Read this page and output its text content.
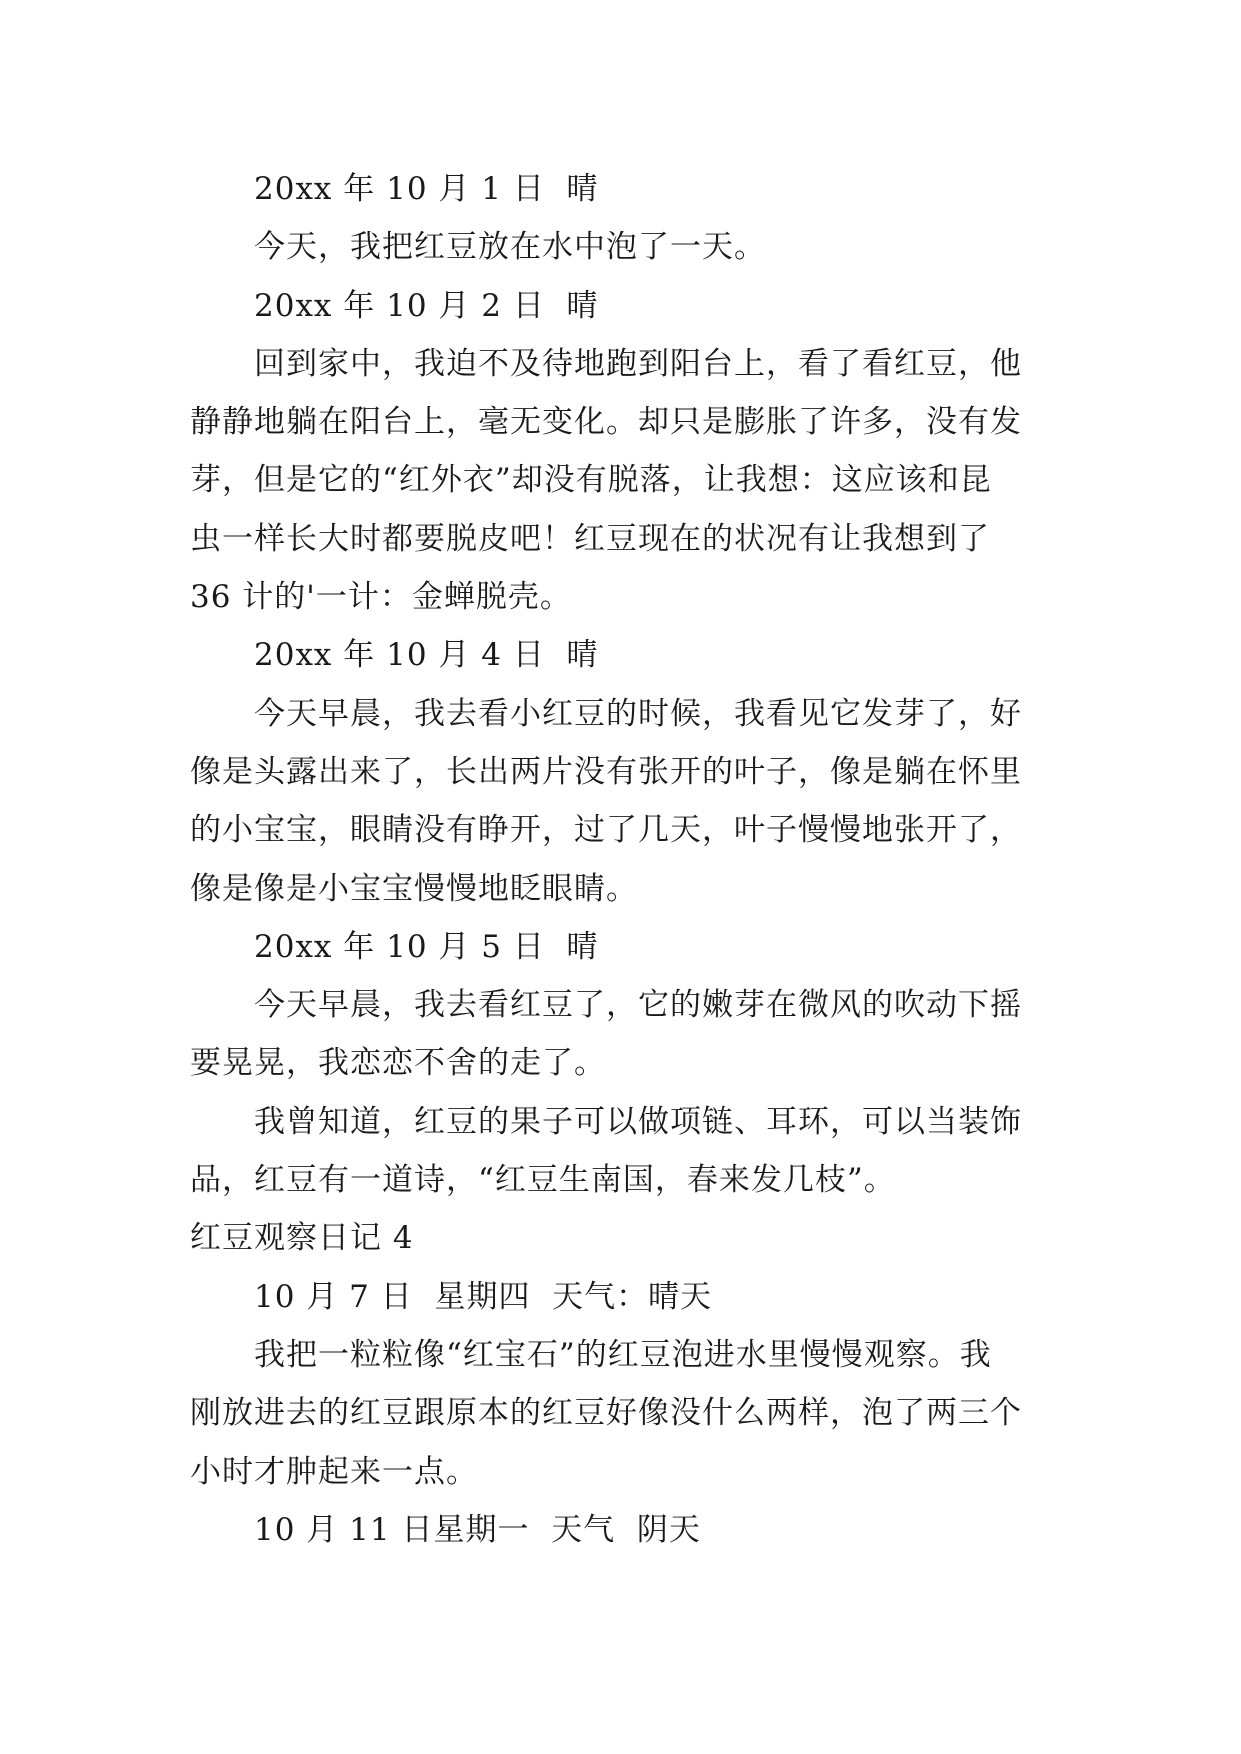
20xx 年 10 月 1 日  晴

今天，我把红豆放在水中泡了一天。

20xx 年 10 月 2 日  晴

回到家中，我迫不及待地跑到阳台上，看了看红豆，他
静静地躺在阳台上，毫无变化。却只是膨胀了许多，没有发
芽，但是它的“红外衣”却没有脱落，让我想：这应该和昆
虫一样长大时都要脱皮吧！红豆现在的状况有让我想到了
36 计的'一计：金蝉脱壳。

20xx 年 10 月 4 日  晴

今天早晨，我去看小红豆的时候，我看见它发芽了，好
像是头露出来了，长出两片没有张开的叶子，像是躺在怀里
的小宝宝，眼睛没有睁开，过了几天，叶子慢慢地张开了，
像是像是小宝宝慢慢地眨眼睛。

20xx 年 10 月 5 日  晴

今天早晨，我去看红豆了，它的嫩芽在微风的吹动下摇
要晃晃，我恋恋不舍的走了。

我曾知道，红豆的果子可以做项链、耳环，可以当装饰
品，红豆有一道诗，“红豆生南国，春来发几枝”。

红豆观察日记 4

10 月 7 日  星期四  天气：晴天

我把一粒粒像“红宝石”的红豆泡进水里慢慢观察。我
刚放进去的红豆跟原本的红豆好像没什么两样，泡了两三个
小时才肿起来一点。

10 月 11 日星期一  天气  阴天
